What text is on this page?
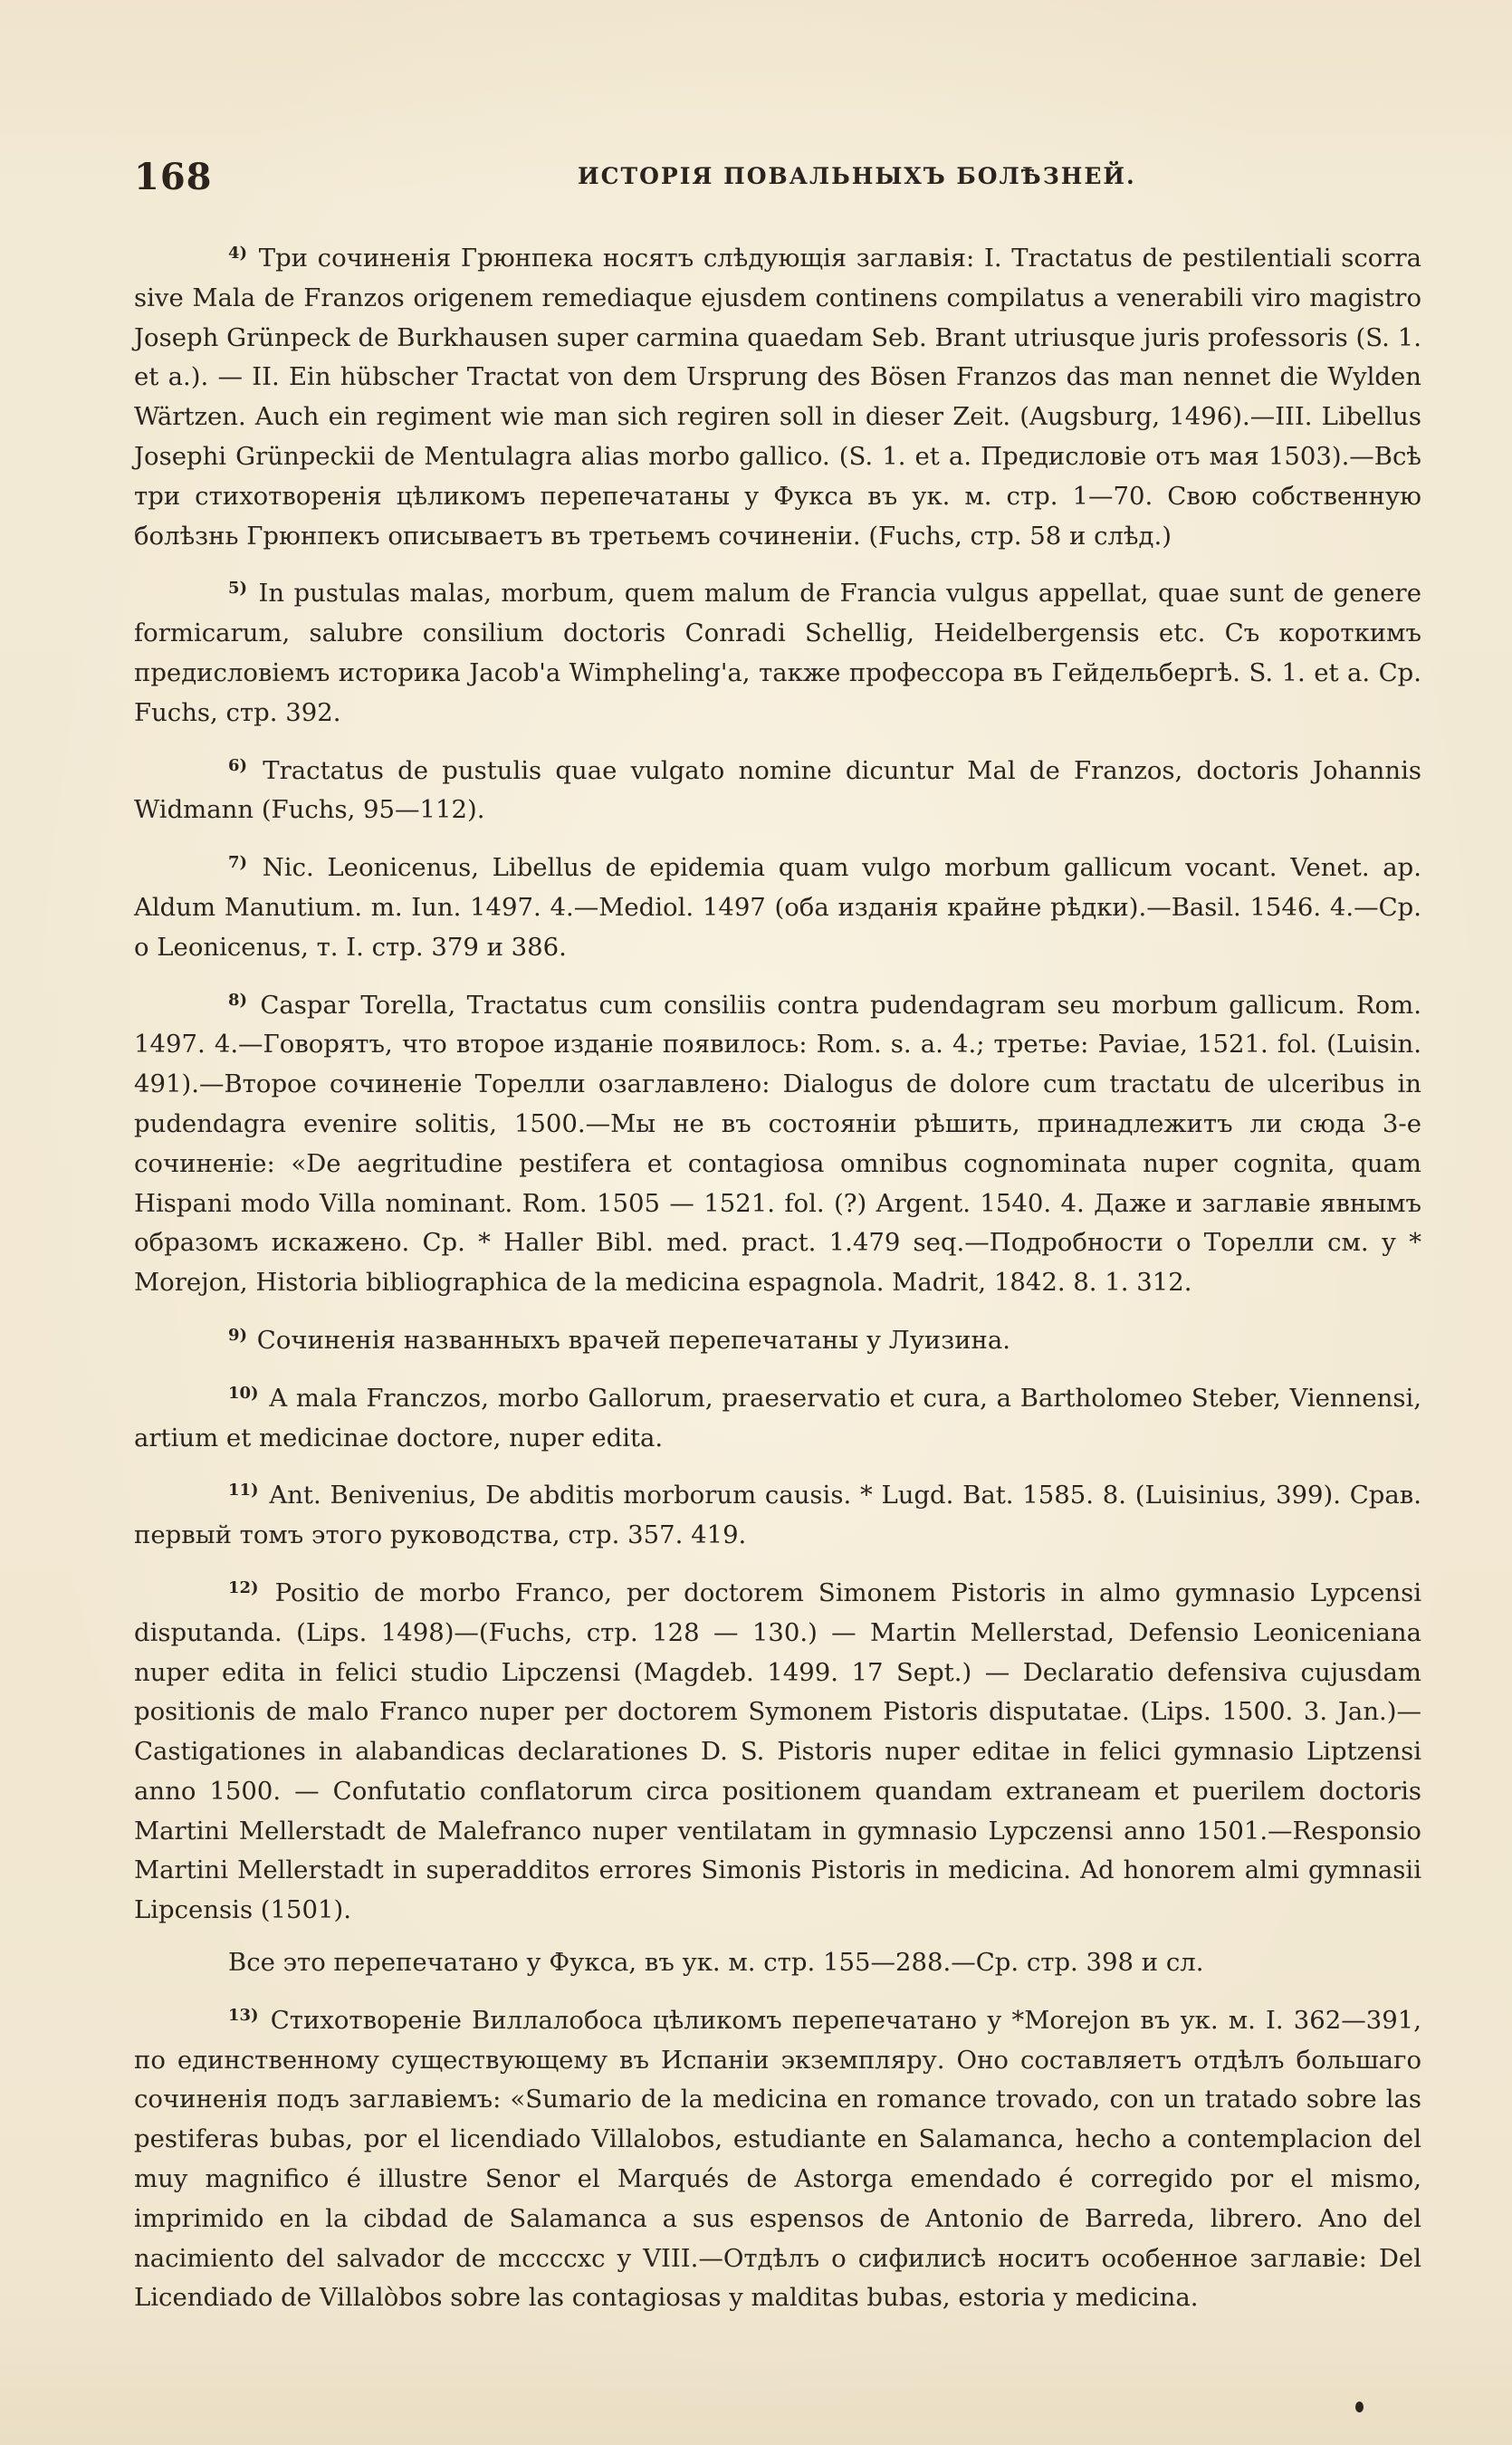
168	ИСТОРІЯ ПОВАЛЬНЫХЪ БОЛѢЗНЕЙ.

$^{4)}$ Три сочиненія Грюнпека носятъ слѣдующія заглавія: I. Tractatus de pestilentiali scorra sive Mala de Franzos origenem remediaque ejusdem continens compilatus a venerabili viro magistro Joseph Grünpeck de Burkhausen super carmina quaedam Seb. Brant utriusque juris professoris (S. 1. et a.). — II. Ein hübscher Tractat von dem Ursprung des Bösen Franzos das man nennet die Wylden Wärtzen. Auch ein regiment wie man sich regiren soll in dieser Zeit. (Augsburg, 1496).—III. Libellus Josephi Grünpeckii de Mentulagra alias morbo gallico. (S. 1. et a. Предисловіе отъ мая 1503).—Всѣ три стихотворенія цѣликомъ перепечатаны у Фукса въ ук. м. стр. 1—70. Свою собственную болѣзнь Грюнпекъ описываетъ въ третьемъ сочиненіи. (Fuchs, стр. 58 и слѣд.)

$^{5)}$ In pustulas malas, morbum, quem malum de Francia vulgus appellat, quae sunt de genere formicarum, salubre consilium doctoris Conradi Schellig, Heidelbergensis etc. Съ короткимъ предисловіемъ историка Jacob'a Wimpheling'a, также профессора въ Гейдельбергѣ. S. 1. et a. Ср. Fuchs, стр. 392.

$^{6)}$ Tractatus de pustulis quae vulgato nomine dicuntur Mal de Franzos, doctoris Johannis Widmann (Fuchs, 95—112).

$^{7)}$ Nic. Leonicenus, Libellus de epidemia quam vulgo morbum gallicum vocant. Venet. ap. Aldum Manutium. m. Iun. 1497. 4.—Mediol. 1497 (оба изданія крайне рѣдки).—Basil. 1546. 4.—Ср. о Leonicenus, т. I. стр. 379 и 386.

$^{8)}$ Caspar Torella, Tractatus cum consiliis contra pudendagram seu morbum gallicum. Rom. 1497. 4.—Говорятъ, что второе изданіе появилось: Rom. s. a. 4.; третье: Paviae, 1521. fol. (Luisin. 491).—Второе сочиненіе Торелли озаглавлено: Dialogus de dolore cum tractatu de ulceribus in pudendagra evenire solitis, 1500.—Мы не въ состояніи рѣшить, принадлежитъ ли сюда 3-е сочиненіе: «De aegritudine pestifera et contagiosa omnibus cognominata nuper cognita, quam Hispani modo Villa nominant. Rom. 1505 — 1521. fol. (?) Argent. 1540. 4. Даже и заглавіе явнымъ образомъ искажено. Ср. * Haller Bibl. med. pract. 1.479 seq.—Подробности о Торелли см. у * Morejon, Historia bibliographica de la medicina espagnola. Madrit, 1842. 8. 1. 312.

$^{9)}$ Сочиненія названныхъ врачей перепечатаны у Луизина.

$^{10)}$ A mala Franczos, morbo Gallorum, praeservatio et cura, a Bartholomeo Steber, Viennensi, artium et medicinae doctore, nuper edita.

$^{11)}$ Ant. Benivenius, De abditis morborum causis. * Lugd. Bat. 1585. 8. (Luisinius, 399). Срав. первый томъ этого руководства, стр. 357. 419.

$^{12)}$ Positio de morbo Franco, per doctorem Simonem Pistoris in almo gymnasio Lypcensi disputanda. (Lips. 1498)—(Fuchs, стр. 128 — 130.) — Martin Mellerstad, Defensio Leoniceniana nuper edita in felici studio Lipczensi (Magdeb. 1499. 17 Sept.) — Declaratio defensiva cujusdam positionis de malo Franco nuper per doctorem Symonem Pistoris disputatae. (Lips. 1500. 3. Jan.)—Castigationes in alabandicas declarationes D. S. Pistoris nuper editae in felici gymnasio Liptzensi anno 1500. — Confutatio conflatorum circa positionem quandam extraneam et puerilem doctoris Martini Mellerstadt de Malefranco nuper ventilatam in gymnasio Lypczensi anno 1501.—Responsio Martini Mellerstadt in superadditos errores Simonis Pistoris in medicina. Ad honorem almi gymnasii Lipcensis (1501).

Все это перепечатано у Фукса, въ ук. м. стр. 155—288.—Ср. стр. 398 и сл.

$^{13)}$ Стихотвореніе Виллалобоса цѣликомъ перепечатано у *Morejon въ ук. м. I. 362—391, по единственному существующему въ Испаніи экземпляру. Оно составляетъ отдѣлъ большаго сочиненія подъ заглавіемъ: «Sumario de la medicina en romance trovado, con un tratado sobre las pestiferas bubas, por el licendiado Villalobos, estudiante en Salamanca, hecho a contemplacion del muy magnifico é illustre Senor el Marqués de Astorga emendado é corregido por el mismo, imprimido en la cibdad de Salamanca a sus espensos de Antonio de Barreda, librero. Ano del nacimiento del salvador de mccccxc y VIII.—Отдѣлъ о сифилисѣ носитъ особенное заглавіе: Del Licendiado de Villalòbos sobre las contagiosas y malditas bubas, estoria y medicina.
